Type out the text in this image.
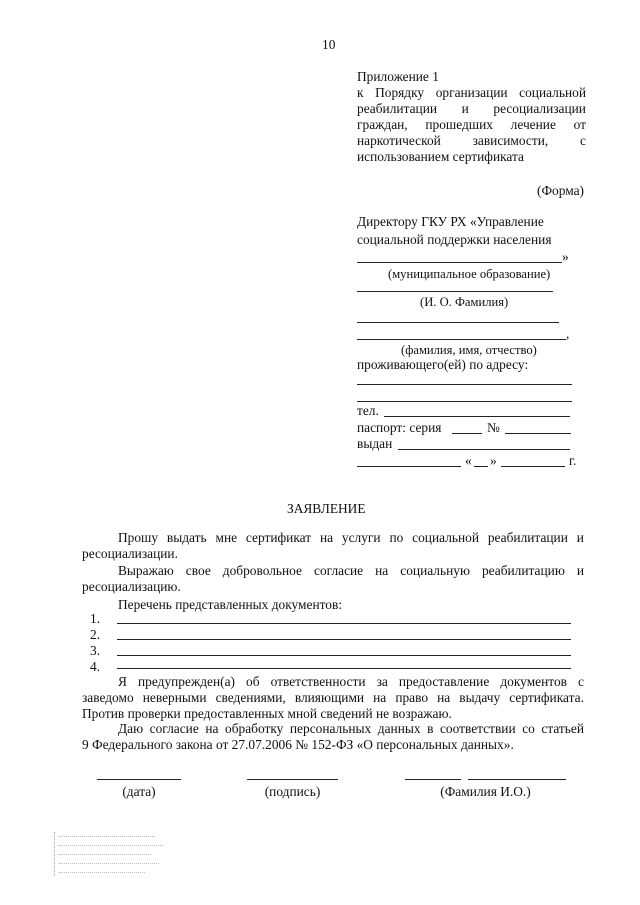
10
Приложение 1
к Порядку организации социальной
реабилитации и ресоциализации
граждан, прошедших лечение от
наркотической зависимости, с
использованием сертификата
(Форма)
Директору ГКУ РХ «Управление
социальной поддержки населения
»
(муниципальное образование)
(И. О. Фамилия)
,
(фамилия, имя, отчество)
проживающего(ей) по адресу:
тел.
паспорт: серия	№
выдан
« »	г.
ЗАЯВЛЕНИЕ
Прошу выдать мне сертификат на услуги по социальной реабилитации и
Выражаю свое добровольное согласие на социальную реабилитацию и
Я предупрежден(а) об ответственности за предоставление документов с
заведомо неверными сведениями, влияющими на право на выдачу сертификата.
Даю согласие на обработку персональных данных в соответствии со статьей
ресоциализации.
ресоциализацию.
Перечень представленных документов:
1.
2.
3.
4.
Против проверки предоставленных мной сведений не возражаю.
9 Федерального закона от 27.07.2006 № 152-ФЗ «О персональных данных».
(дата)	(подпись)	(Фамилия И.О.)
